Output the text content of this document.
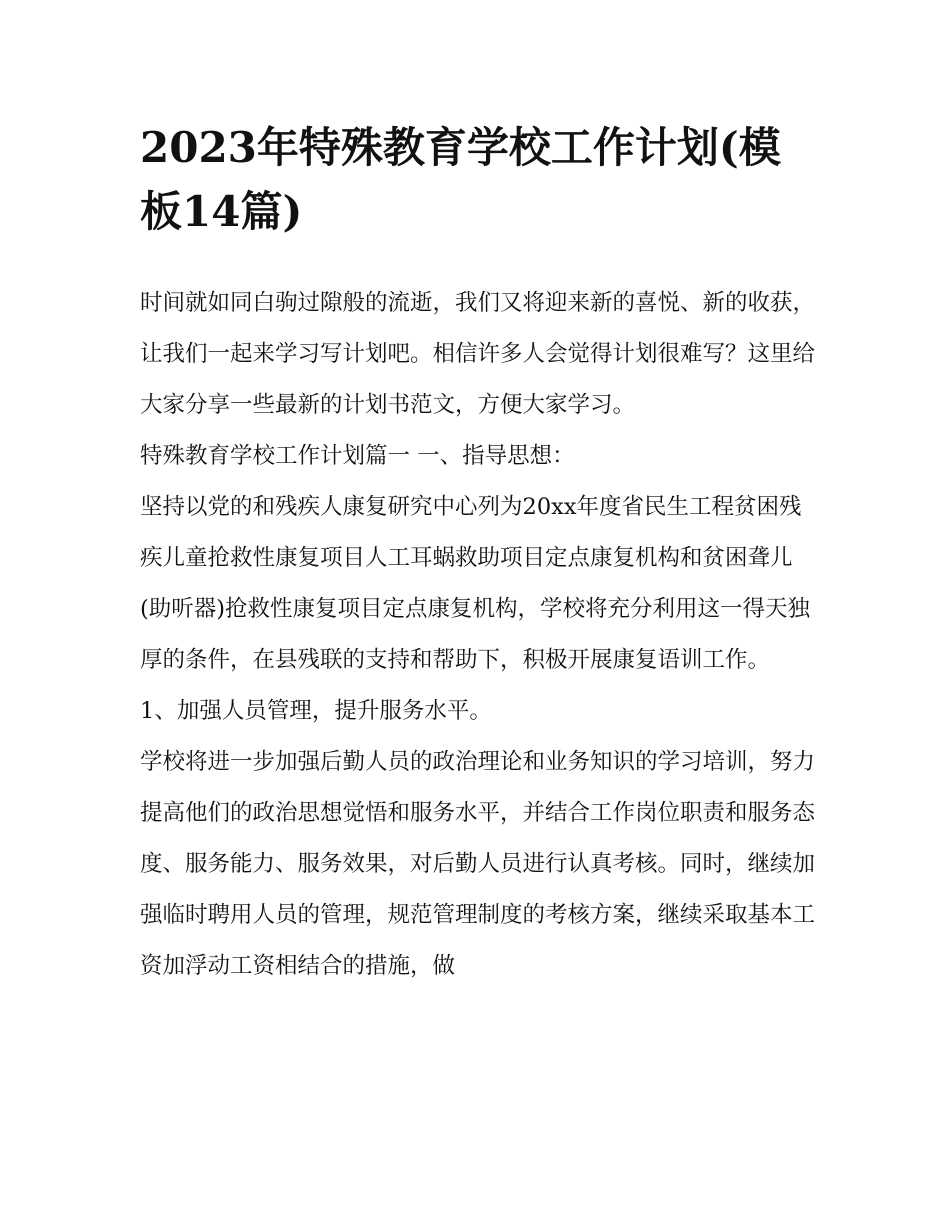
2023年特殊教育学校工作计划(模板14篇)

时间就如同白驹过隙般的流逝，我们又将迎来新的喜悦、新的收获，让我们一起来学习写计划吧。相信许多人会觉得计划很难写？这里给大家分享一些最新的计划书范文，方便大家学习。

特殊教育学校工作计划篇一 一、指导思想：

坚持以党的和残疾人康复研究中心列为20xx年度省民生工程贫困残疾儿童抢救性康复项目人工耳蜗救助项目定点康复机构和贫困聋儿(助听器)抢救性康复项目定点康复机构，学校将充分利用这一得天独厚的条件，在县残联的支持和帮助下，积极开展康复语训工作。

1、加强人员管理，提升服务水平。

学校将进一步加强后勤人员的政治理论和业务知识的学习培训，努力提高他们的政治思想觉悟和服务水平，并结合工作岗位职责和服务态度、服务能力、服务效果，对后勤人员进行认真考核。同时，继续加强临时聘用人员的管理，规范管理制度的考核方案，继续采取基本工资加浮动工资相结合的措施，做
